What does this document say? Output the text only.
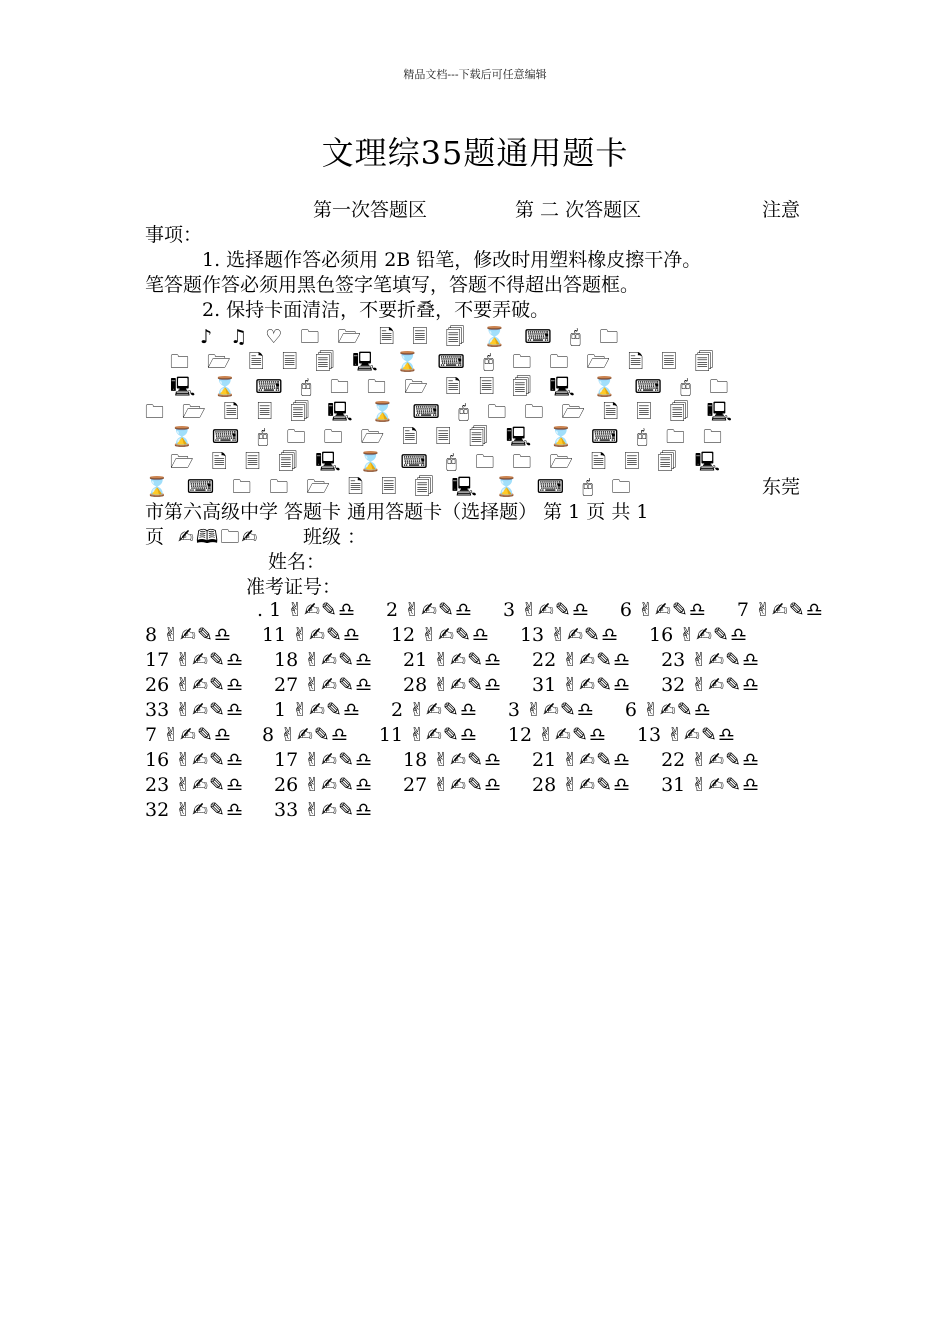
精品文档---下载后可任意编辑
文理综35题通用题卡
第一次答题区	第 二 次答题区	注意
事项：
1. 选择题作答必须用 2B 铅笔，修改时用塑料橡皮擦干净。
笔答题作答必须用黑色签字笔填写，答题不得超出答题框。
2. 保持卡面清洁，不要折叠，不要弄破。
♪ ♫ ♡ 🗀 🗁 🗎 🗏 🗐 ⌛ ⌨ 🖰 🗀
🗀 🗁 🗎 🗏 🗐 🖳 ⌛ ⌨ 🖰 🗀 🗀 🗁 🗎 🗏 🗐
🖳 ⌛ ⌨ 🖰 🗀 🗀 🗁 🗎 🗏 🗐 🖳 ⌛ ⌨ 🖰 🗀
🗀 🗁 🗎 🗏 🗐 🖳 ⌛ ⌨ 🖰 🗀 🗀 🗁 🗎 🗏 🗐 🖳
⌛ ⌨ 🖰 🗀 🗀 🗁 🗎 🗏 🗐 🖳 ⌛ ⌨ 🖰 🗀 🗀
🗁 🗎 🗏 🗐 🖳 ⌛ ⌨ 🖰 🗀 🗀 🗁 🗎 🗏 🗐 🖳
⌛ ⌨ 🗀 🗀 🗁 🗎 🗏 🗐 🖳 ⌛ ⌨ 🖰 🗀	东莞
市第六高级中学 答题卡 通用答题卡（选择题） 第 1 页 共 1
页 ✍🕮🗀✍	班级 ：
姓名：
准考证号：
. 1 ✌✍✎♎ 2 ✌✍✎♎ 3 ✌✍✎♎ 6 ✌✍✎♎ 7 ✌✍✎♎
8 ✌✍✎♎ 11 ✌✍✎♎ 12 ✌✍✎♎ 13 ✌✍✎♎ 16 ✌✍✎♎
17 ✌✍✎♎ 18 ✌✍✎♎ 21 ✌✍✎♎ 22 ✌✍✎♎ 23 ✌✍✎♎
26 ✌✍✎♎ 27 ✌✍✎♎ 28 ✌✍✎♎ 31 ✌✍✎♎ 32 ✌✍✎♎
33 ✌✍✎♎ 1 ✌✍✎♎ 2 ✌✍✎♎ 3 ✌✍✎♎ 6 ✌✍✎♎
7 ✌✍✎♎ 8 ✌✍✎♎ 11 ✌✍✎♎ 12 ✌✍✎♎ 13 ✌✍✎♎
16 ✌✍✎♎ 17 ✌✍✎♎ 18 ✌✍✎♎ 21 ✌✍✎♎ 22 ✌✍✎♎
23 ✌✍✎♎ 26 ✌✍✎♎ 27 ✌✍✎♎ 28 ✌✍✎♎ 31 ✌✍✎♎
32 ✌✍✎♎ 33 ✌✍✎♎
